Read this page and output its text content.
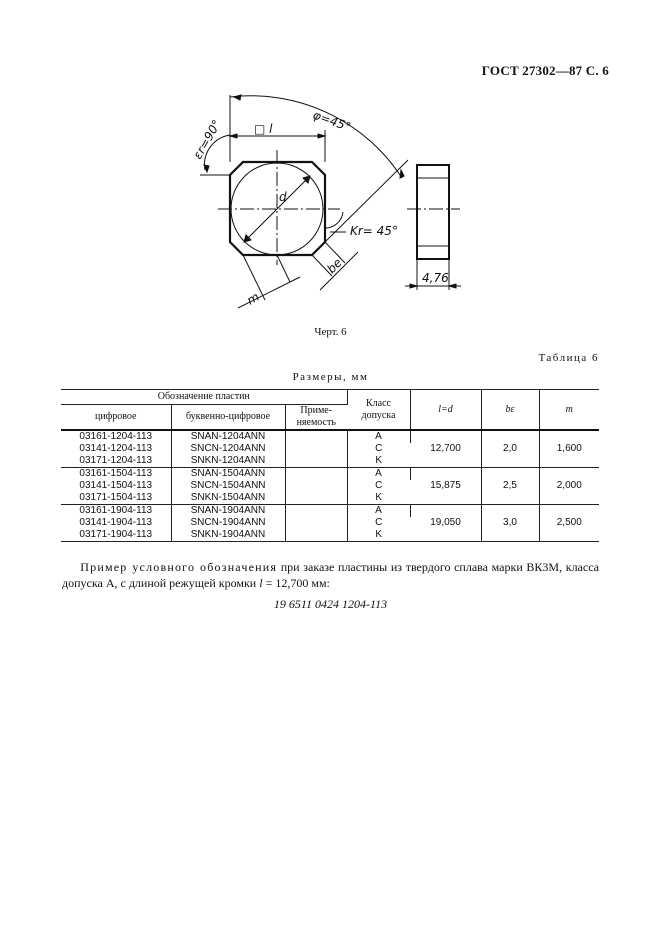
ГОСТ 27302—87 С. 6
φ=45°
εr=90°	□ l
d
Kr= 45°
be
m
4,76
Черт. 6
Таблица 6
Размеры, мм
Обозначение пластин			Класс
допуска	l=d	bε	m
цифровое	буквенно-цифровое	Приме-
няемость				
03161-1204-113	SNAN-1204ANN		A	12,700	2,0	1,600
03141-1204-113	SNCN-1204ANN		C			
03171-1204-113	SNKN-1204ANN		K			
03161-1504-113	SNAN-1504ANN		A	15,875	2,5	2,000
03141-1504-113	SNCN-1504ANN		C			
03171-1504-113	SNKN-1504ANN		K			
03161-1904-113	SNAN-1904ANN		A	19,050	3,0	2,500
03141-1904-113	SNCN-1904ANN		C			
03171-1904-113	SNKN-1904ANN		K			
Пример условного обозначения при заказе пластины из твердого сплава марки ВК3М, класса допуска А, с длиной режущей кромки l = 12,700 мм:
19 6511 0424 1204-113
